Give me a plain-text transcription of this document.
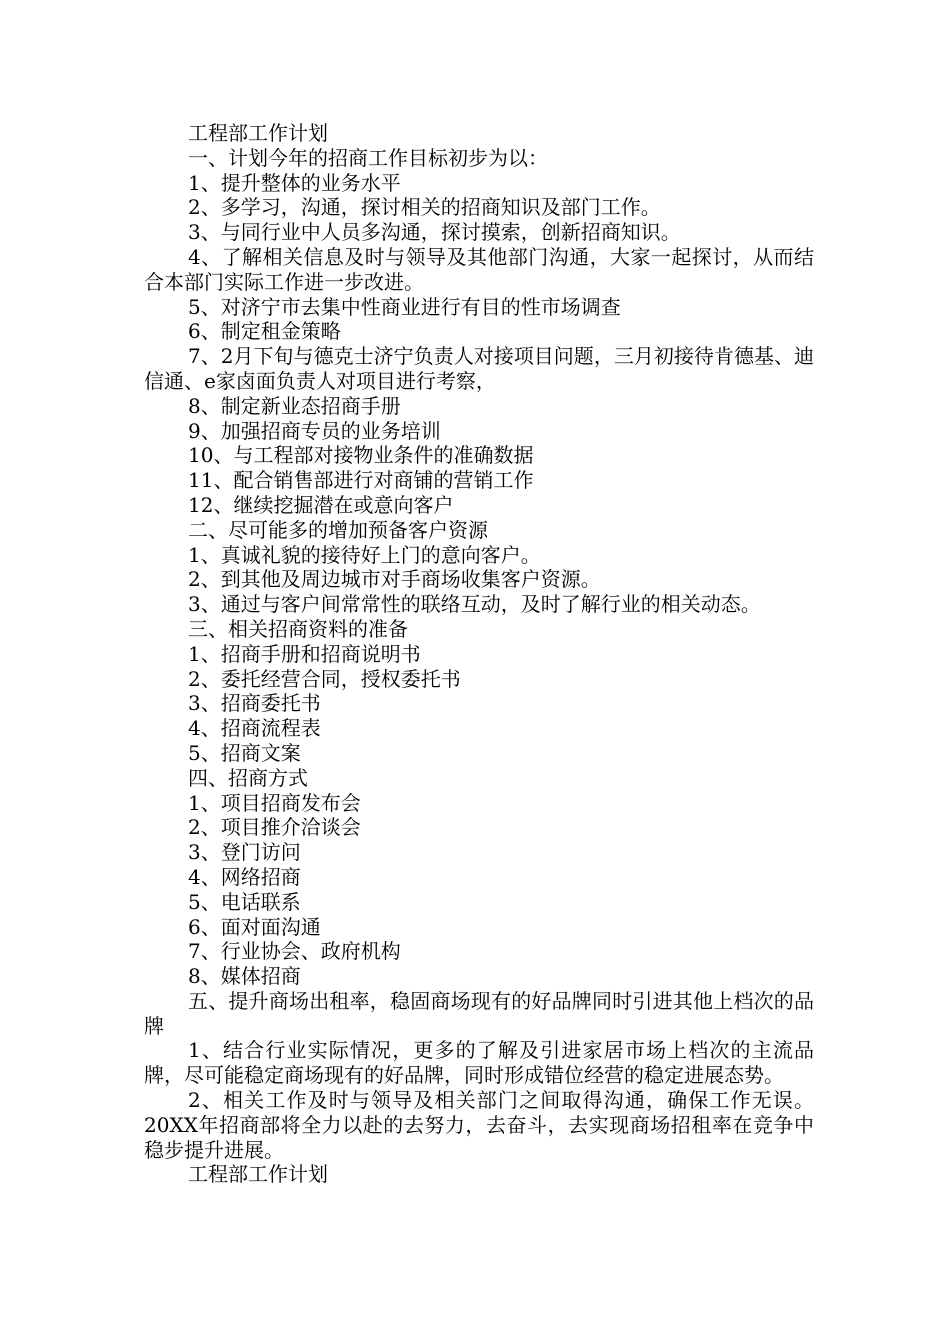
工程部工作计划

一、计划今年的招商工作目标初步为以：

1、提升整体的业务水平

2、多学习，沟通，探讨相关的招商知识及部门工作。

3、与同行业中人员多沟通，探讨摸索，创新招商知识。

4、了解相关信息及时与领导及其他部门沟通，大家一起探讨，从而结合本部门实际工作进一步改进。

5、对济宁市去集中性商业进行有目的性市场调查

6、制定租金策略

7、2月下旬与德克士济宁负责人对接项目问题，三月初接待肯德基、迪信通、e家卤面负责人对项目进行考察，

8、制定新业态招商手册

9、加强招商专员的业务培训

10、与工程部对接物业条件的准确数据

11、配合销售部进行对商铺的营销工作

12、继续挖掘潜在或意向客户

二、尽可能多的增加预备客户资源

1、真诚礼貌的接待好上门的意向客户。

2、到其他及周边城市对手商场收集客户资源。

3、通过与客户间常常性的联络互动，及时了解行业的相关动态。

三、相关招商资料的准备

1、招商手册和招商说明书

2、委托经营合同，授权委托书

3、招商委托书

4、招商流程表

5、招商文案

四、招商方式

1、项目招商发布会

2、项目推介洽谈会

3、登门访问

4、网络招商

5、电话联系

6、面对面沟通

7、行业协会、政府机构

8、媒体招商

五、提升商场出租率，稳固商场现有的好品牌同时引进其他上档次的品牌

1、结合行业实际情况，更多的了解及引进家居市场上档次的主流品牌，尽可能稳定商场现有的好品牌，同时形成错位经营的稳定进展态势。

2、相关工作及时与领导及相关部门之间取得沟通，确保工作无误。20XX年招商部将全力以赴的去努力，去奋斗，去实现商场招租率在竞争中稳步提升进展。

工程部工作计划
